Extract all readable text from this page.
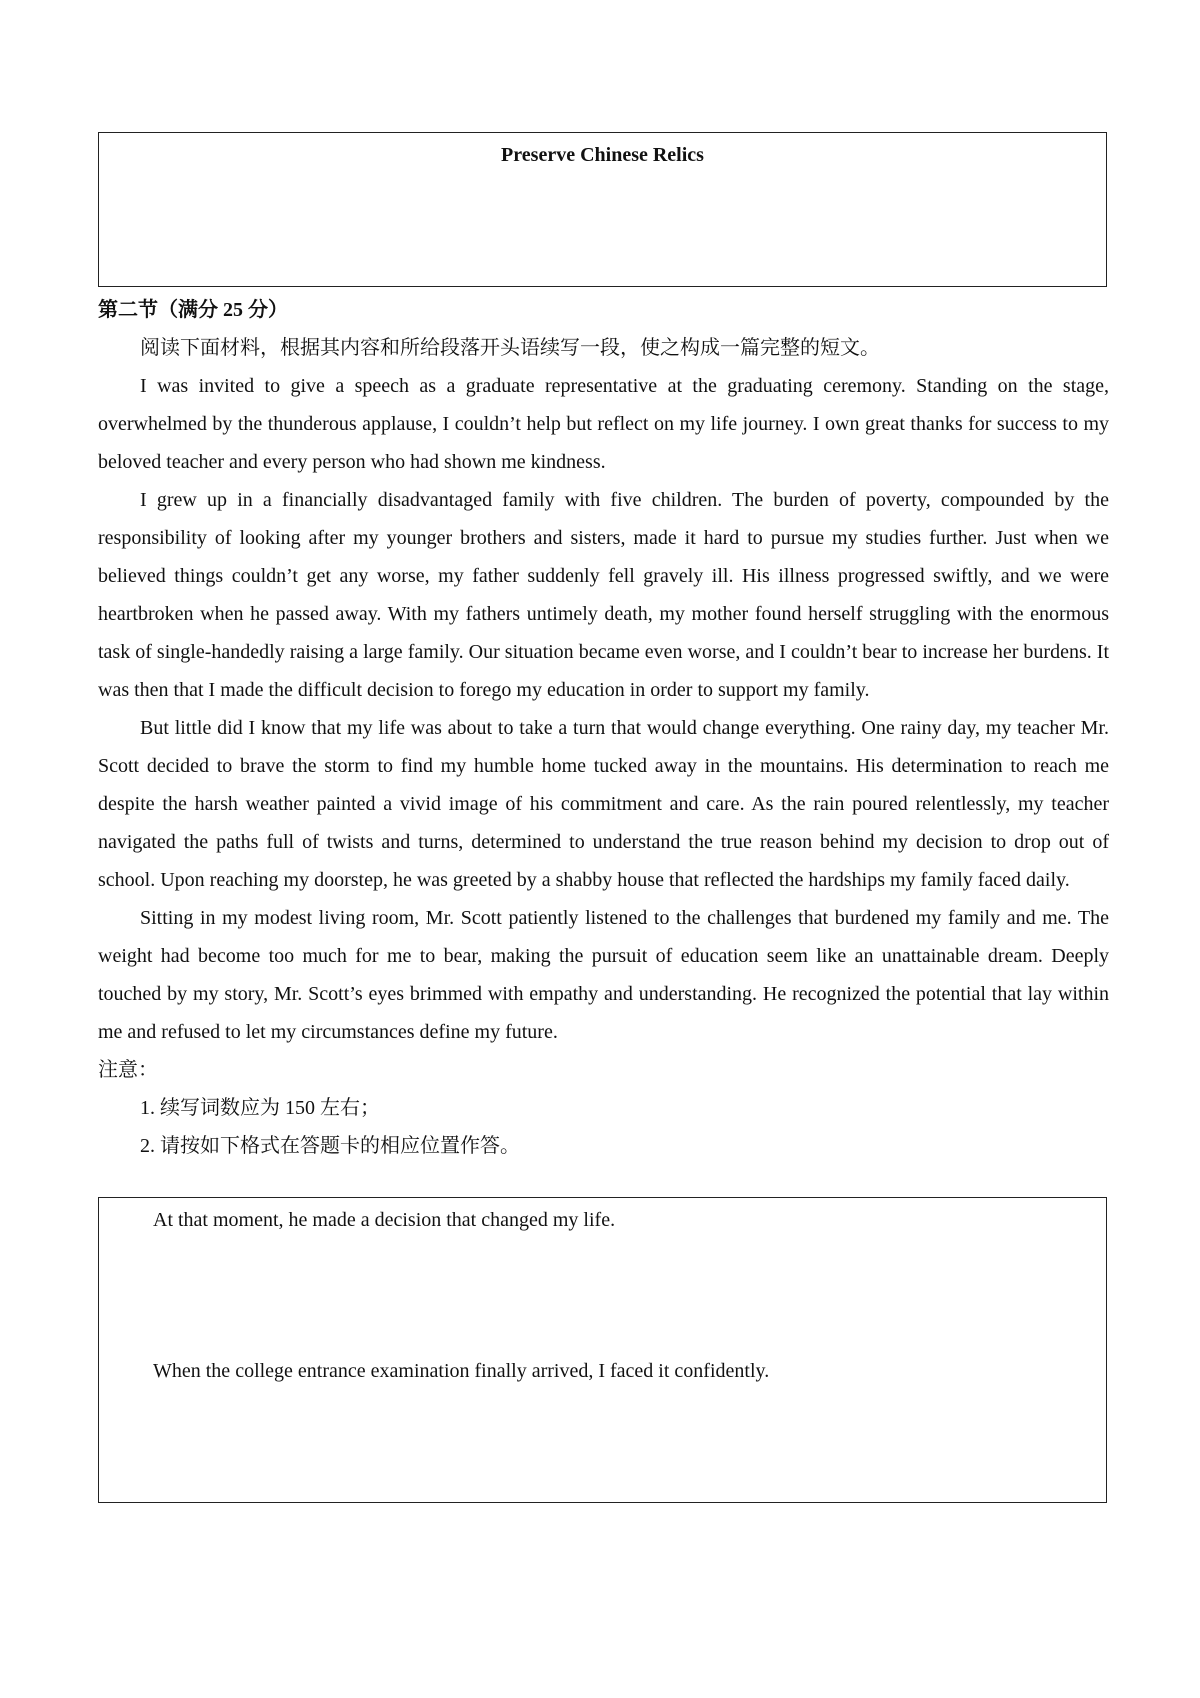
Preserve Chinese Relics
第二节（满分 25 分）

阅读下面材料，根据其内容和所给段落开头语续写一段，使之构成一篇完整的短文。

I was invited to give a speech as a graduate representative at the graduating ceremony. Standing on the stage, overwhelmed by the thunderous applause, I couldn’t help but reflect on my life journey. I own great thanks for success to my beloved teacher and every person who had shown me kindness.

I grew up in a financially disadvantaged family with five children. The burden of poverty, compounded by the responsibility of looking after my younger brothers and sisters, made it hard to pursue my studies further. Just when we believed things couldn’t get any worse, my father suddenly fell gravely ill. His illness progressed swiftly, and we were heartbroken when he passed away. With my fathers untimely death, my mother found herself struggling with the enormous task of single-handedly raising a large family. Our situation became even worse, and I couldn’t bear to increase her burdens. It was then that I made the difficult decision to forego my education in order to support my family.

But little did I know that my life was about to take a turn that would change everything. One rainy day, my teacher Mr. Scott decided to brave the storm to find my humble home tucked away in the mountains. His determination to reach me despite the harsh weather painted a vivid image of his commitment and care. As the rain poured relentlessly, my teacher navigated the paths full of twists and turns, determined to understand the true reason behind my decision to drop out of school. Upon reaching my doorstep, he was greeted by a shabby house that reflected the hardships my family faced daily.

Sitting in my modest living room, Mr. Scott patiently listened to the challenges that burdened my family and me. The weight had become too much for me to bear, making the pursuit of education seem like an unattainable dream. Deeply touched by my story, Mr. Scott’s eyes brimmed with empathy and understanding. He recognized the potential that lay within me and refused to let my circumstances define my future.

注意：

1. 续写词数应为 150 左右；

2. 请按如下格式在答题卡的相应位置作答。

At that moment, he made a decision that changed my life.
When the college entrance examination finally arrived, I faced it confidently.
